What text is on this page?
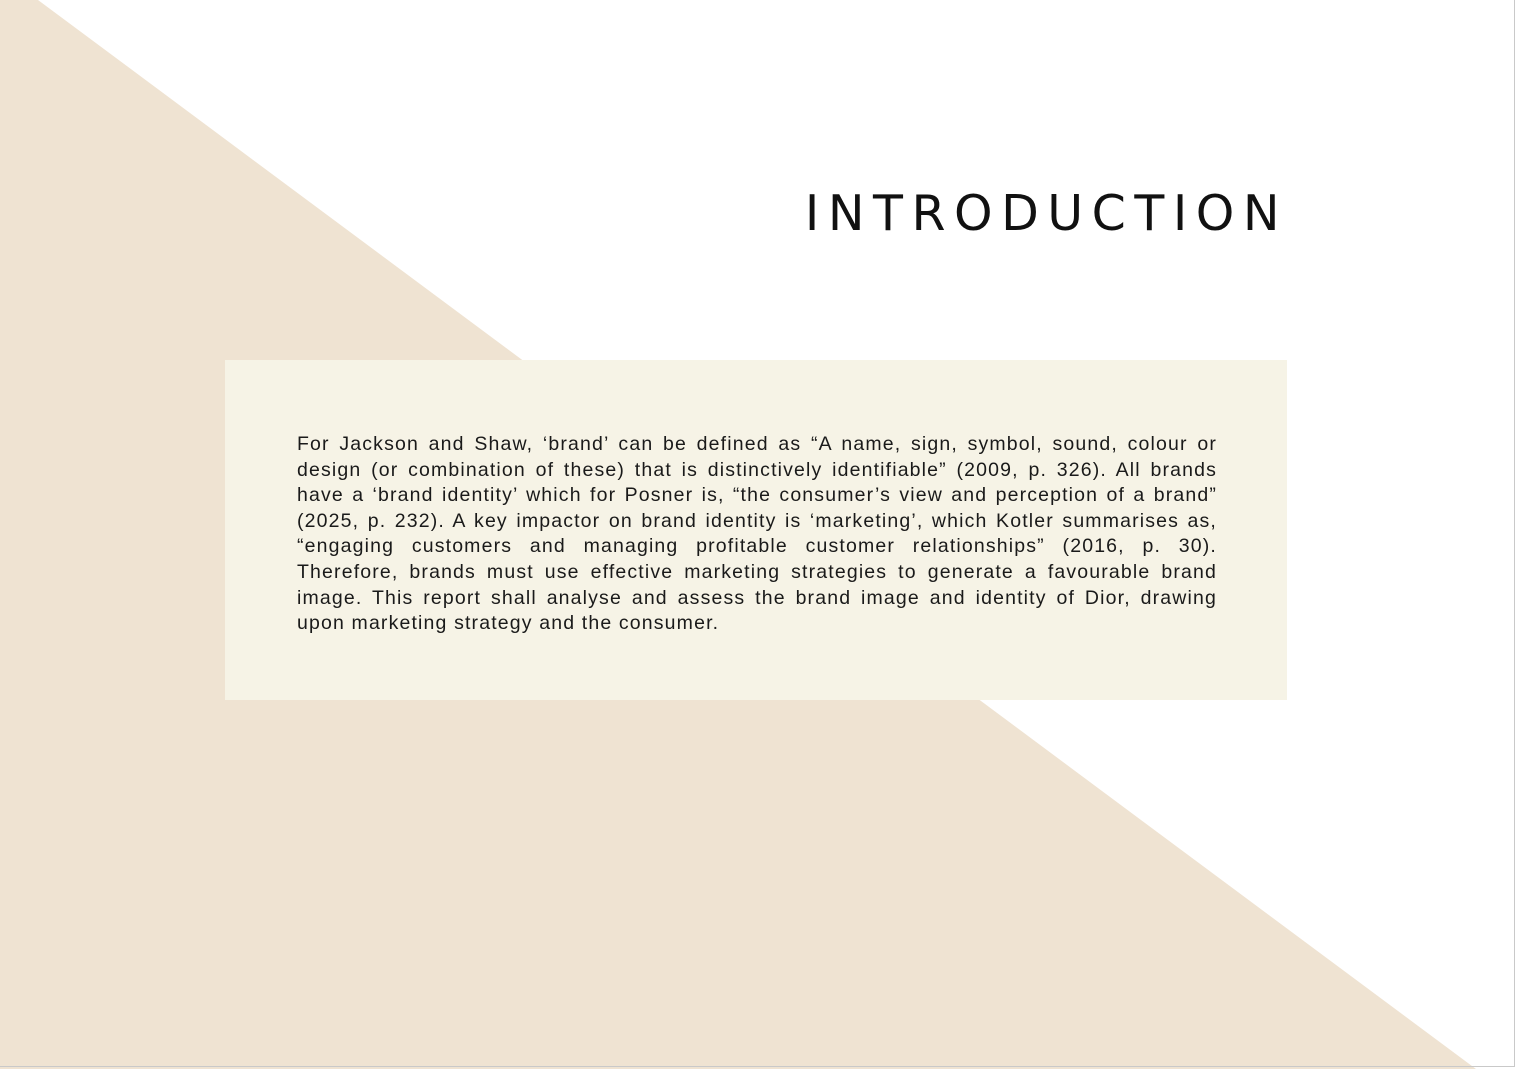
INTRODUCTION

For Jackson and Shaw, ‘brand’ can be defined as “A name, sign, symbol, sound, colour or design (or combination of these) that is distinctively identifiable” (2009, p. 326). All brands have a ‘brand identity’ which for Posner is, “the consumer’s view and perception of a brand” (2025, p. 232). A key impactor on brand identity is ‘marketing’, which Kotler summarises as, “engaging customers and managing profitable customer relationships” (2016, p. 30). Therefore, brands must use effective marketing strategies to generate a favourable brand image. This report shall analyse and assess the brand image and identity of Dior, drawing upon marketing strategy and the consumer.
